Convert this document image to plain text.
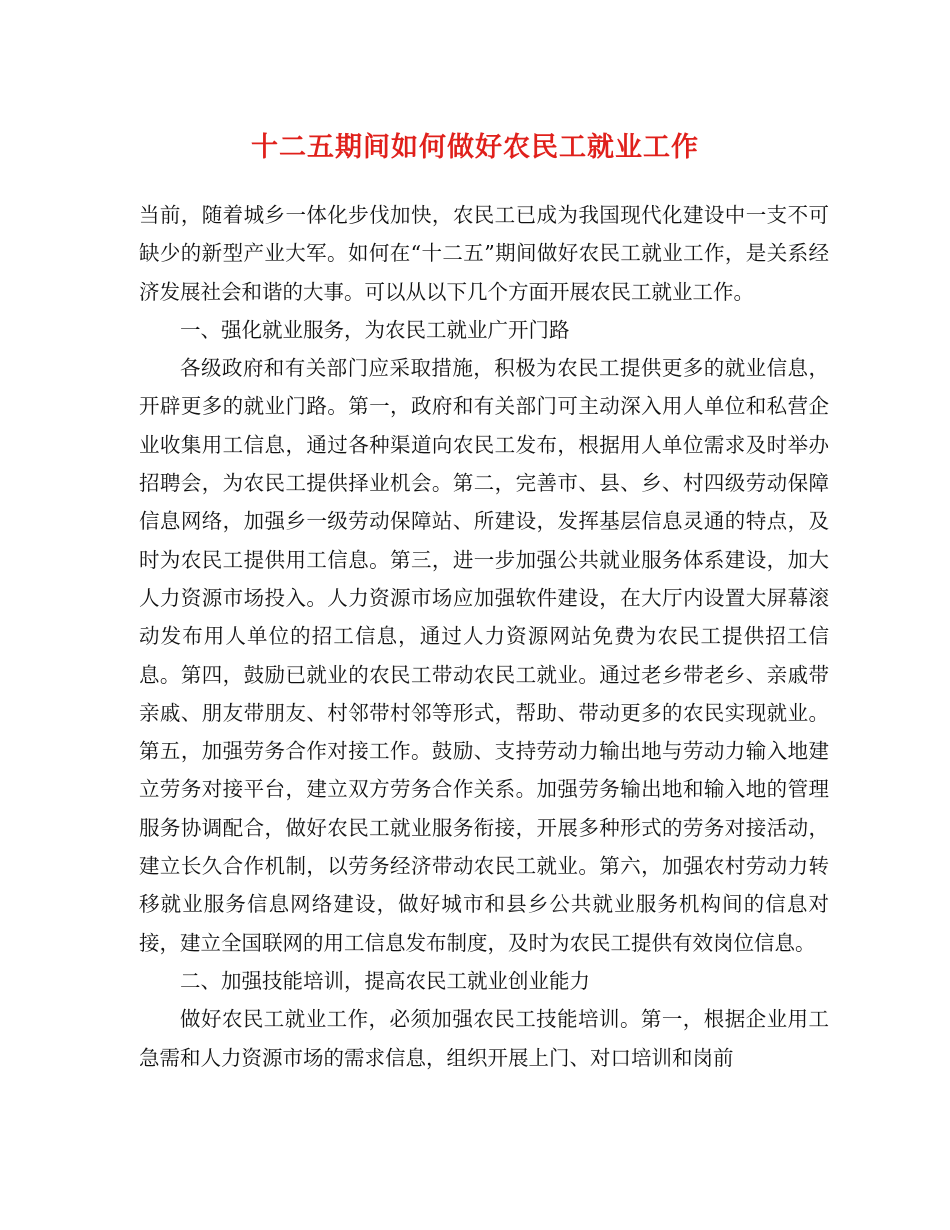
十二五期间如何做好农民工就业工作

当前，随着城乡一体化步伐加快，农民工已成为我国现代化建设中一支不可缺少的新型产业大军。如何在“十二五”期间做好农民工就业工作，是关系经济发展社会和谐的大事。可以从以下几个方面开展农民工就业工作。

一、强化就业服务，为农民工就业广开门路

各级政府和有关部门应采取措施，积极为农民工提供更多的就业信息，开辟更多的就业门路。第一，政府和有关部门可主动深入用人单位和私营企业收集用工信息，通过各种渠道向农民工发布，根据用人单位需求及时举办招聘会，为农民工提供择业机会。第二，完善市、县、乡、村四级劳动保障信息网络，加强乡一级劳动保障站、所建设，发挥基层信息灵通的特点，及时为农民工提供用工信息。第三，进一步加强公共就业服务体系建设，加大人力资源市场投入。人力资源市场应加强软件建设，在大厅内设置大屏幕滚动发布用人单位的招工信息，通过人力资源网站免费为农民工提供招工信息。第四，鼓励已就业的农民工带动农民工就业。通过老乡带老乡、亲戚带亲戚、朋友带朋友、村邻带村邻等形式，帮助、带动更多的农民实现就业。第五，加强劳务合作对接工作。鼓励、支持劳动力输出地与劳动力输入地建立劳务对接平台，建立双方劳务合作关系。加强劳务输出地和输入地的管理服务协调配合，做好农民工就业服务衔接，开展多种形式的劳务对接活动，建立长久合作机制，以劳务经济带动农民工就业。第六，加强农村劳动力转移就业服务信息网络建设，做好城市和县乡公共就业服务机构间的信息对接，建立全国联网的用工信息发布制度，及时为农民工提供有效岗位信息。

二、加强技能培训，提高农民工就业创业能力

做好农民工就业工作，必须加强农民工技能培训。第一，根据企业用工急需和人力资源市场的需求信息，组织开展上门、对口培训和岗前
